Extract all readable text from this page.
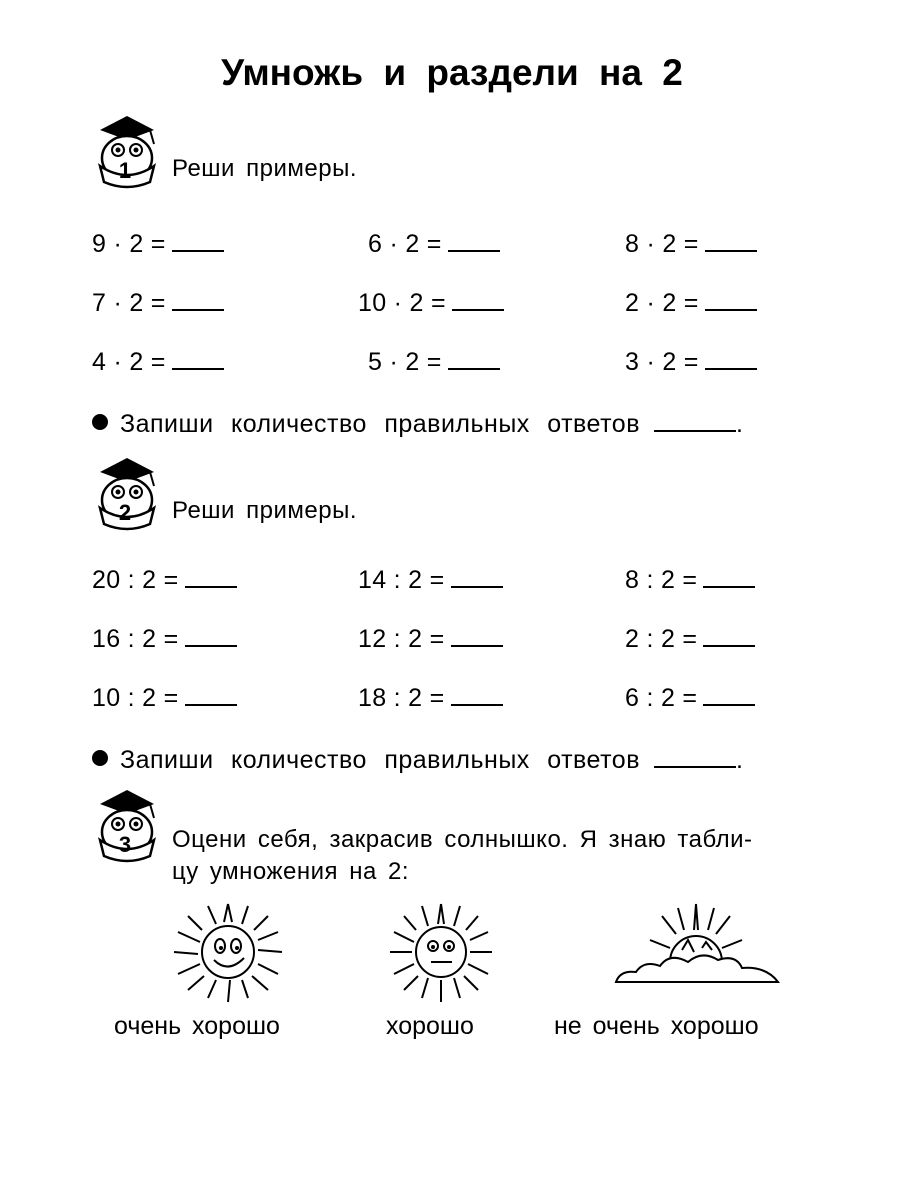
Умножь и раздели на 2
1	Реши примеры.
9 · 2 =	6 · 2 =	8 · 2 =
7 · 2 =	10 · 2 =	2 · 2 =
4 · 2 =	5 · 2 =	3 · 2 =
Запиши количество правильных ответов	.
2	Реши примеры.
20 : 2 =	14 : 2 =	8 : 2 =
16 : 2 =	12 : 2 =	2 : 2 =
10 : 2 =	18 : 2 =	6 : 2 =
Запиши количество правильных ответов	.
3	Оцени себя, закрасив солнышко. Я знаю табли-
цу умножения на 2:
очень хорошо	хорошо	не очень хорошо
